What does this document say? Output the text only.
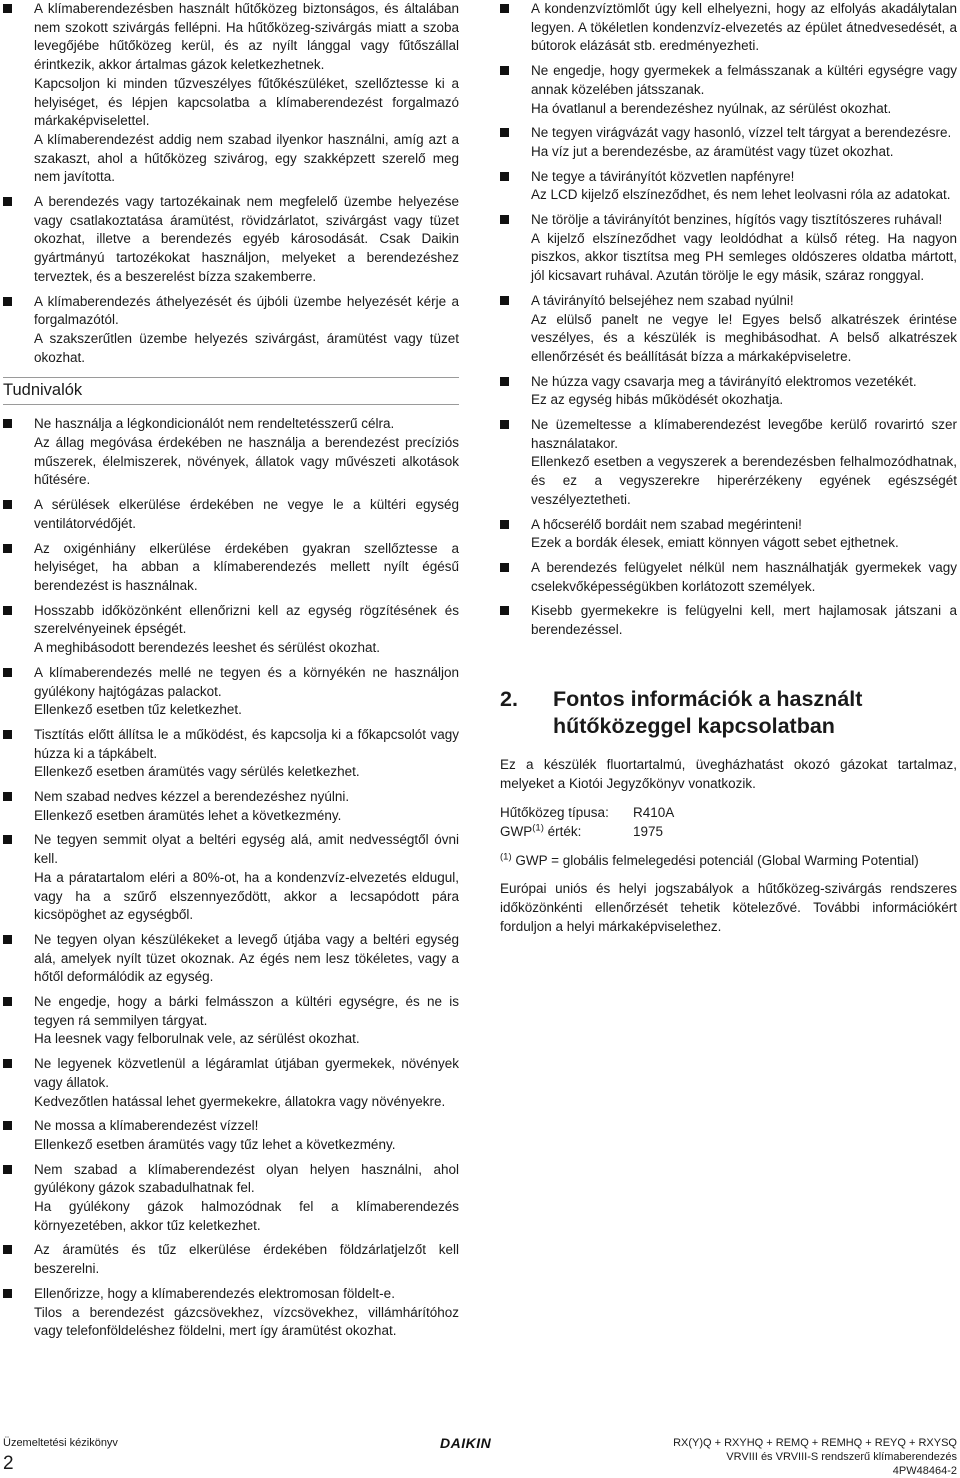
A klímaberendezésben használt hűtőközeg biztonságos, és általában nem szokott szivárgás fellépni. Ha hűtőközeg-szivárgás miatt a szoba levegőjébe hűtőközeg kerül, és az nyílt lánggal vagy fűtőszállal érintkezik, akkor ártalmas gázok keletkezhetnek.

Kapcsoljon ki minden tűzveszélyes fűtőkészüléket, szellőztesse ki a helyiséget, és lépjen kapcsolatba a klímaberendezést forgalmazó márkaképviselettel.

A klímaberendezést addig nem szabad ilyenkor használni, amíg azt a szakaszt, ahol a hűtőközeg szivárog, egy szakképzett szerelő meg nem javította.

A berendezés vagy tartozékainak nem megfelelő üzembe helyezése vagy csatlakoztatása áramütést, rövidzárlatot, szivárgást vagy tüzet okozhat, illetve a berendezés egyéb károsodását. Csak Daikin gyártmányú tartozékokat használjon, melyeket a berendezéshez terveztek, és a beszerelést bízza szakemberre.

A klímaberendezés áthelyezését és újbóli üzembe helyezését kérje a forgalmazótól.

A szakszerűtlen üzembe helyezés szivárgást, áramütést vagy tüzet okozhat.

Tudnivalók

Ne használja a légkondicionálót nem rendeltetésszerű célra.

Az állag megóvása érdekében ne használja a berendezést precíziós műszerek, élelmiszerek, növények, állatok vagy művészeti alkotások hűtésére.

A sérülések elkerülése érdekében ne vegye le a kültéri egység ventilátorvédőjét.

Az oxigénhiány elkerülése érdekében gyakran szellőztesse a helyiséget, ha abban a klímaberendezés mellett nyílt égésű berendezést is használnak.

Hosszabb időközönként ellenőrizni kell az egység rögzítésének és szerelvényeinek épségét.

A meghibásodott berendezés leeshet és sérülést okozhat.

A klímaberendezés mellé ne tegyen és a környékén ne használjon gyúlékony hajtógázas palackot.

Ellenkező esetben tűz keletkezhet.

Tisztítás előtt állítsa le a működést, és kapcsolja ki a főkapcsolót vagy húzza ki a tápkábelt.

Ellenkező esetben áramütés vagy sérülés keletkezhet.

Nem szabad nedves kézzel a berendezéshez nyúlni.

Ellenkező esetben áramütés lehet a következmény.

Ne tegyen semmit olyat a beltéri egység alá, amit nedvességtől óvni kell.

Ha a páratartalom eléri a 80%-ot, ha a kondenzvíz-elvezetés eldugul, vagy ha a szűrő elszennyeződött, akkor a lecsapódott pára kicsöpöghet az egységből.

Ne tegyen olyan készülékeket a levegő útjába vagy a beltéri egység alá, amelyek nyílt tüzet okoznak. Az égés nem lesz tökéletes, vagy a hőtől deformálódik az egység.

Ne engedje, hogy a bárki felmásszon a kültéri egységre, és ne is tegyen rá semmilyen tárgyat.

Ha leesnek vagy felborulnak vele, az sérülést okozhat.

Ne legyenek közvetlenül a légáramlat útjában gyermekek, növények vagy állatok.

Kedvezőtlen hatással lehet gyermekekre, állatokra vagy növényekre.

Ne mossa a klímaberendezést vízzel!

Ellenkező esetben áramütés vagy tűz lehet a következmény.

Nem szabad a klímaberendezést olyan helyen használni, ahol gyúlékony gázok szabadulhatnak fel.

Ha gyúlékony gázok halmozódnak fel a klímaberendezés környezetében, akkor tűz keletkezhet.

Az áramütés és tűz elkerülése érdekében földzárlatjelzőt kell beszerelni.

Ellenőrizze, hogy a klímaberendezés elektromosan földelt-e.

Tilos a berendezést gázcsövekhez, vízcsövekhez, villámhárítóhoz vagy telefonföldeléshez földelni, mert így áramütést okozhat.

A kondenzvíztömlőt úgy kell elhelyezni, hogy az elfolyás akadálytalan legyen. A tökéletlen kondenzvíz-elvezetés az épület átnedvesedését, a bútorok elázását stb. eredményezheti.

Ne engedje, hogy gyermekek a felmásszanak a kültéri egységre vagy annak közelében játsszanak.

Ha óvatlanul a berendezéshez nyúlnak, az sérülést okozhat.

Ne tegyen virágvázát vagy hasonló, vízzel telt tárgyat a berendezésre.

Ha víz jut a berendezésbe, az áramütést vagy tüzet okozhat.

Ne tegye a távirányítót közvetlen napfényre!

Az LCD kijelző elszíneződhet, és nem lehet leolvasni róla az adatokat.

Ne törölje a távirányítót benzines, hígítós vagy tisztítószeres ruhával!

A kijelző elszíneződhet vagy leoldódhat a külső réteg. Ha nagyon piszkos, akkor tisztítsa meg PH semleges oldószeres oldatba mártott, jól kicsavart ruhával. Azután törölje le egy másik, száraz ronggyal.

A távirányító belsejéhez nem szabad nyúlni!

Az elülső panelt ne vegye le! Egyes belső alkatrészek érintése veszélyes, és a készülék is meghibásodhat. A belső alkatrészek ellenőrzését és beállítását bízza a márkaképviseletre.

Ne húzza vagy csavarja meg a távirányító elektromos vezetékét.

Ez az egység hibás működését okozhatja.

Ne üzemeltesse a klímaberendezést levegőbe kerülő rovarirtó szer használatakor.

Ellenkező esetben a vegyszerek a berendezésben felhalmozódhatnak, és ez a vegyszerekre hiperérzékeny egyének egészségét veszélyeztetheti.

A hőcserélő bordáit nem szabad megérinteni!

Ezek a bordák élesek, emiatt könnyen vágott sebet ejthetnek.

A berendezés felügyelet nélkül nem használhatják gyermekek vagy cselekvőképességükben korlátozott személyek.

Kisebb gyermekekre is felügyelni kell, mert hajlamosak játszani a berendezéssel.

2. Fontos információk a használt hűtőközeggel kapcsolatban

Ez a készülék fluortartalmú, üvegházhatást okozó gázokat tartalmaz, melyeket a Kiotói Jegyzőkönyv vonatkozik.

Hűtőközeg típusa:	R410A
GWP$^{(1)}$ érték:	1975

$^{(1)}$ GWP = globális felmelegedési potenciál (Global Warming Potential)

Európai uniós és helyi jogszabályok a hűtőközeg-szivárgás rendszeres időközönkénti ellenőrzését tehetik kötelezővé. További információkért forduljon a helyi márkaképviselethez.

Üzemeltetési kézikönyv
2
DAIKIN	RX(Y)Q + RXYHQ + REMQ + REMHQ + REYQ + RXYSQ
VRVIII és VRVIII-S rendszerű klímaberendezés
4PW48464-2
